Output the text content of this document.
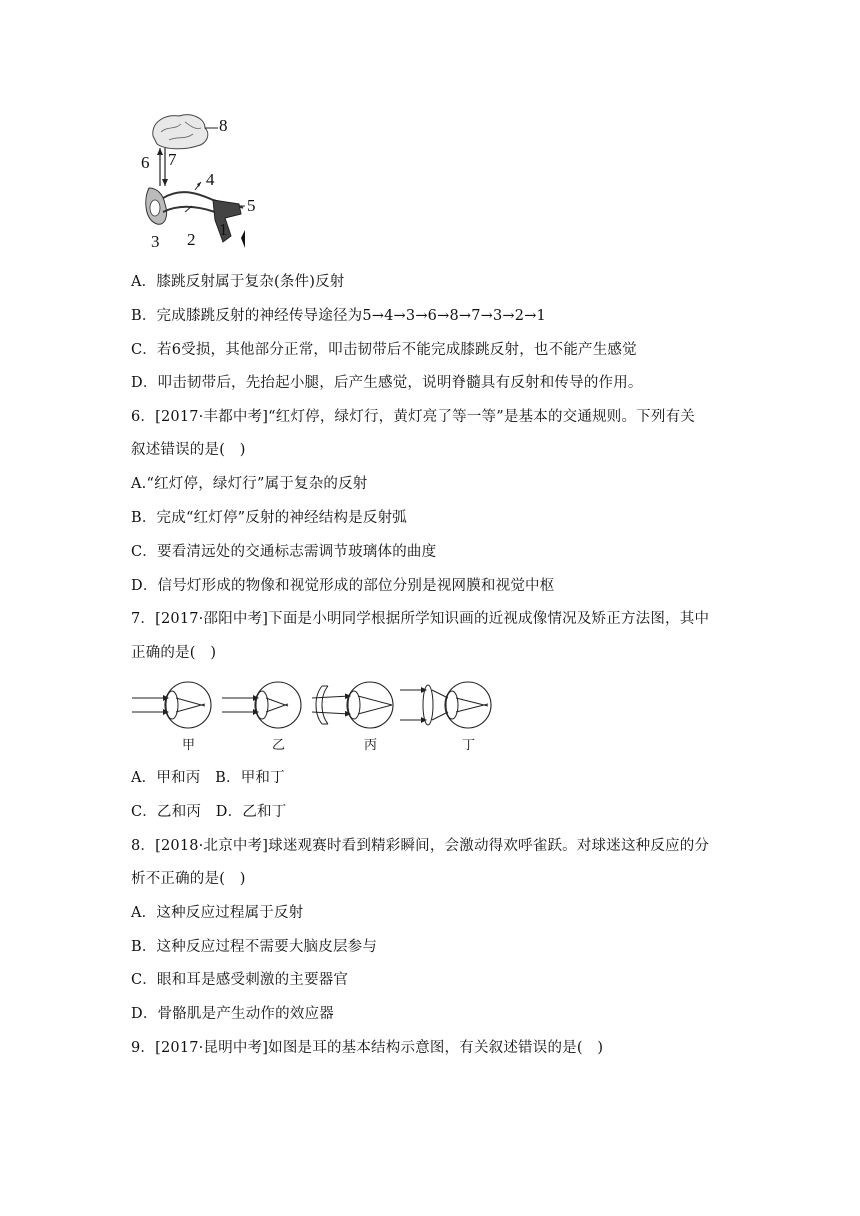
8
6 7
4
5
3 2
1
A．膝跳反射属于复杂(条件)反射
B．完成膝跳反射的神经传导途径为5→4→3→6→8→7→3→2→1
C．若6受损，其他部分正常，叩击韧带后不能完成膝跳反射，也不能产生感觉
D．叩击韧带后，先抬起小腿，后产生感觉，说明脊髓具有反射和传导的作用。
6．[2017·丰都中考]“红灯停，绿灯行，黄灯亮了等一等”是基本的交通规则。下列有关
叙述错误的是(　)
A.“红灯停，绿灯行”属于复杂的反射
B．完成“红灯停”反射的神经结构是反射弧
C．要看清远处的交通标志需调节玻璃体的曲度
D．信号灯形成的物像和视觉形成的部位分别是视网膜和视觉中枢
7．[2017·邵阳中考]下面是小明同学根据所学知识画的近视成像情况及矫正方法图，其中
正确的是(　)
甲	乙	丙	丁
A．甲和丙　B．甲和丁
C．乙和丙　D．乙和丁
8．[2018·北京中考]球迷观赛时看到精彩瞬间，会激动得欢呼雀跃。对球迷这种反应的分
析不正确的是(　)
A．这种反应过程属于反射
B．这种反应过程不需要大脑皮层参与
C．眼和耳是感受刺激的主要器官
D．骨骼肌是产生动作的效应器
9．[2017·昆明中考]如图是耳的基本结构示意图，有关叙述错误的是(　)
